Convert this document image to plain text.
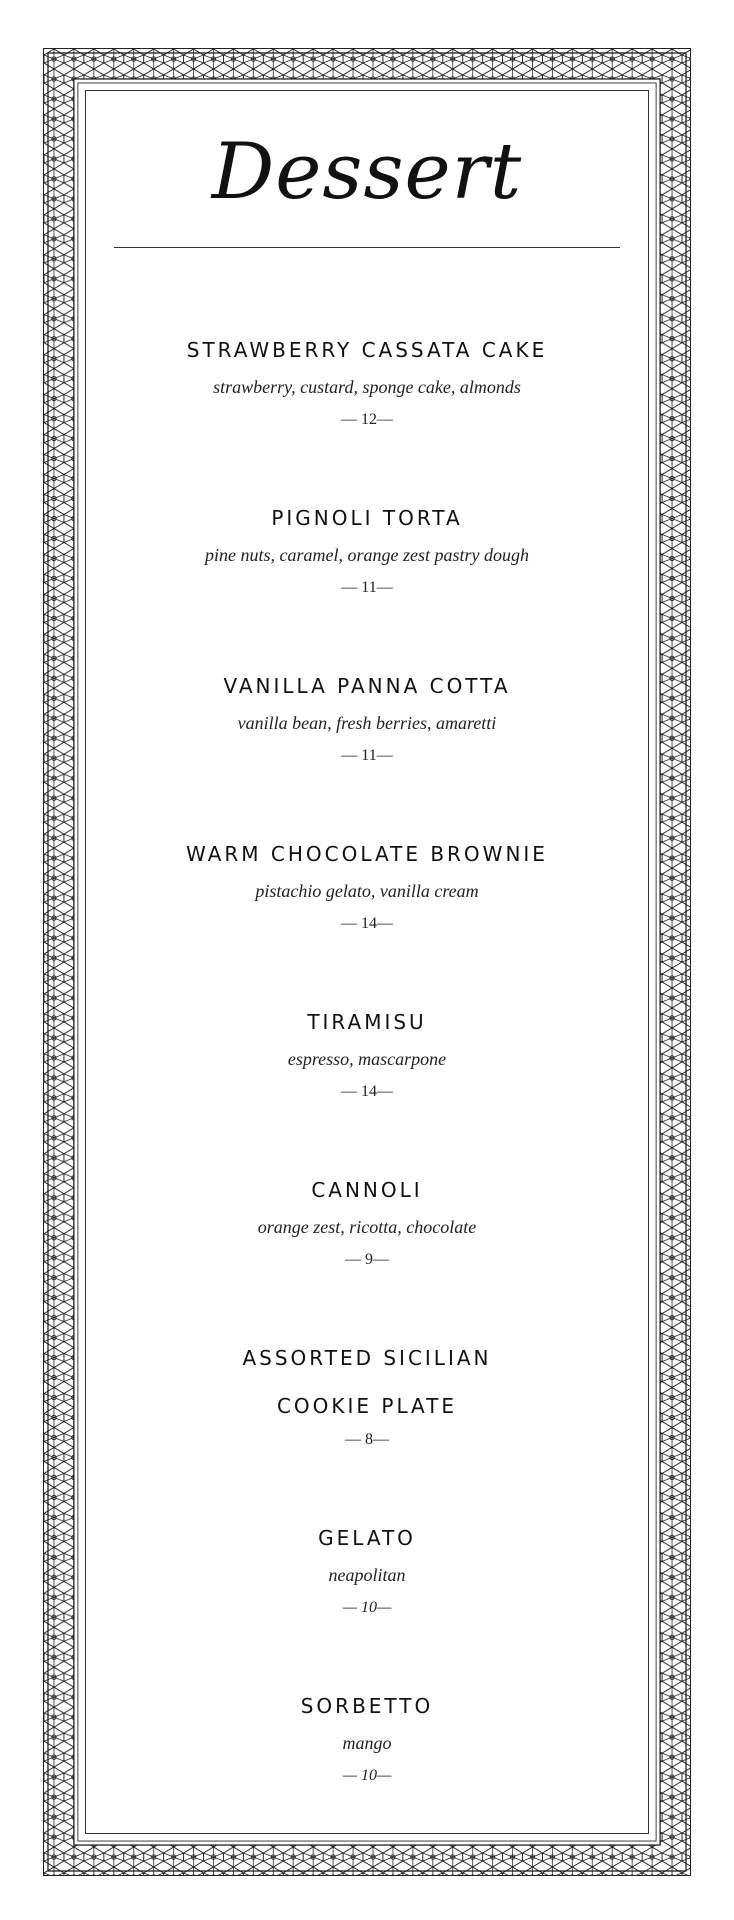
Dessert
STRAWBERRY CASSATA CAKE
strawberry, custard, sponge cake, almonds
— 12—
PIGNOLI TORTA
pine nuts, caramel, orange zest pastry dough
— 11—
VANILLA PANNA COTTA
vanilla bean, fresh berries, amaretti
— 11—
WARM CHOCOLATE BROWNIE
pistachio gelato, vanilla cream
— 14—
TIRAMISU
espresso, mascarpone
— 14—
CANNOLI
orange zest, ricotta, chocolate
— 9—
ASSORTED SICILIAN
COOKIE PLATE
— 8—
GELATO
neapolitan
— 10—
SORBETTO
mango
— 10—
